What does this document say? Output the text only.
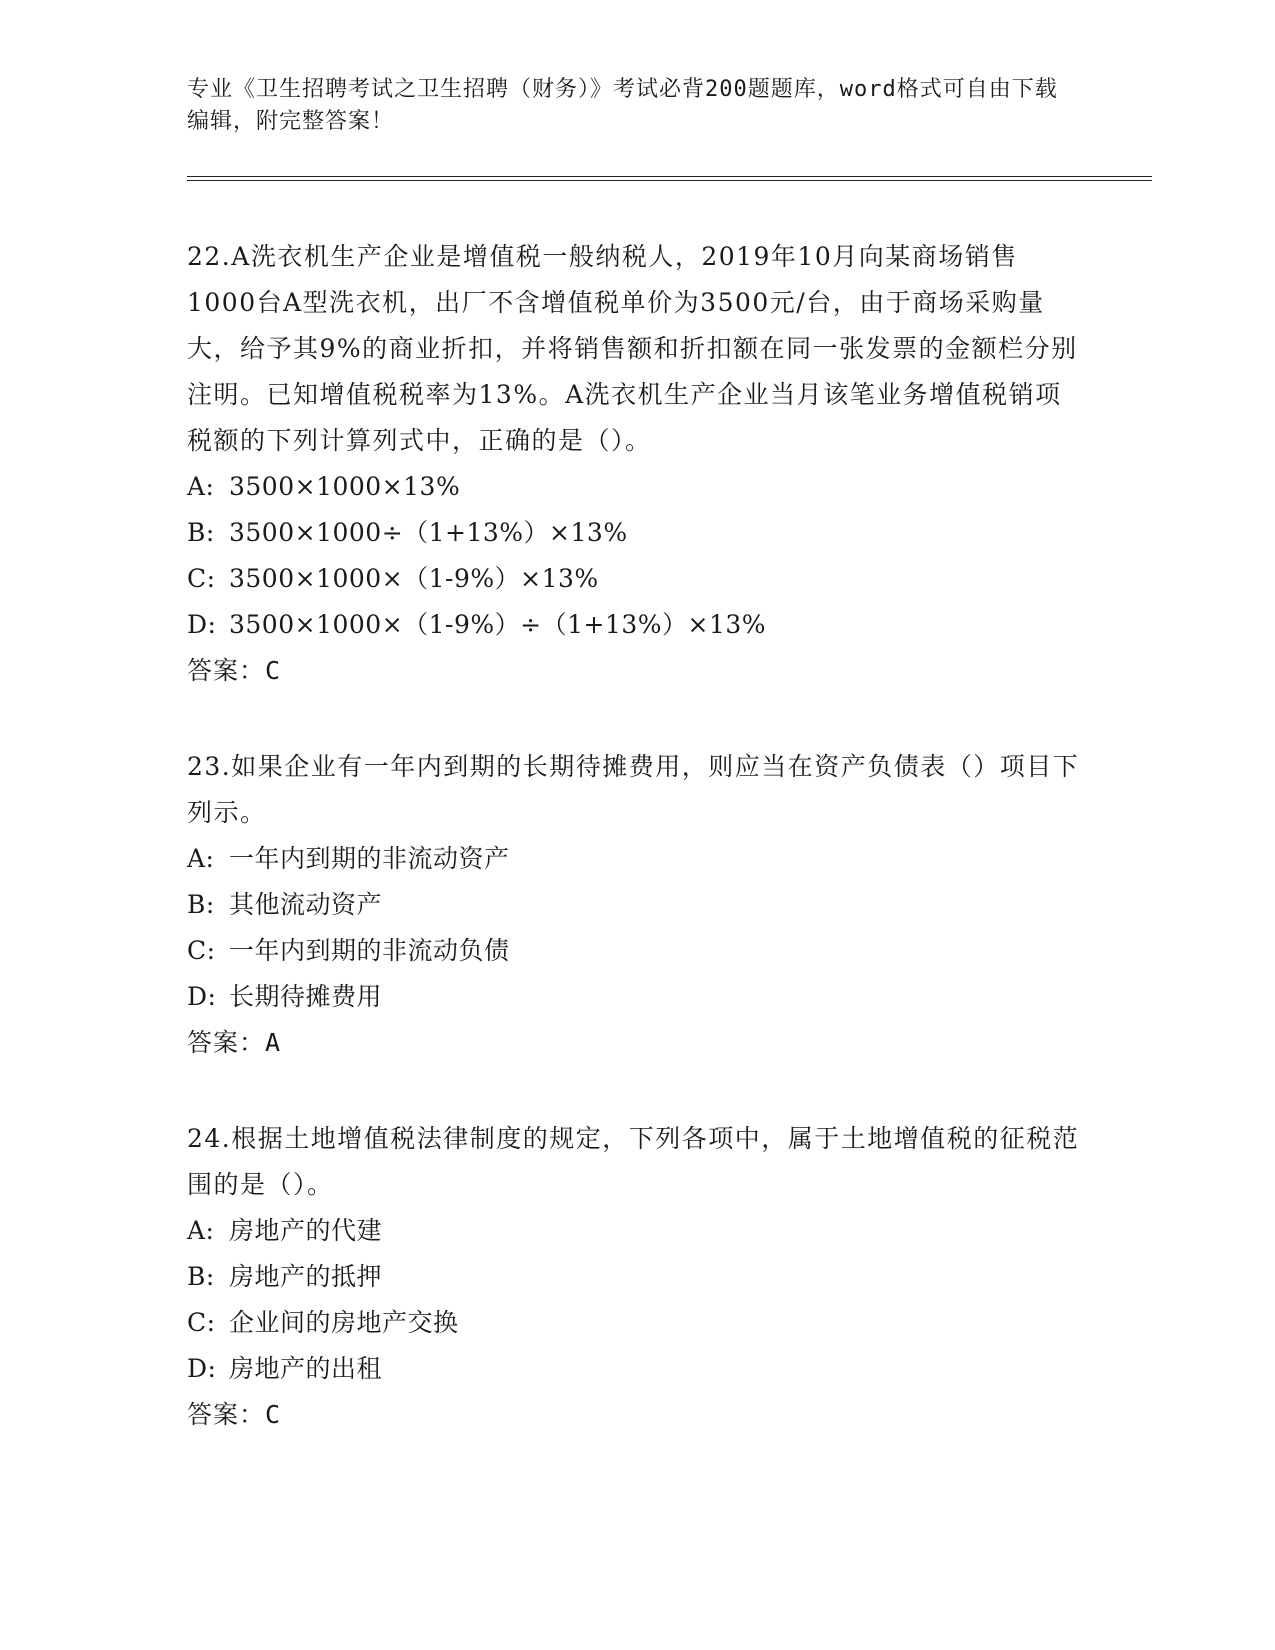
专业《卫生招聘考试之卫生招聘（财务）》考试必背200题题库，word格式可自由下载编辑，附完整答案！

22.A洗衣机生产企业是增值税一般纳税人，2019年10月向某商场销售1000台A型洗衣机，出厂不含增值税单价为3500元/台，由于商场采购量大，给予其9%的商业折扣，并将销售额和折扣额在同一张发票的金额栏分别注明。已知增值税税率为13%。A洗衣机生产企业当月该笔业务增值税销项税额的下列计算列式中，正确的是（）。

A: 3500×1000×13%

B: 3500×1000÷（1+13%）×13%

C: 3500×1000×（1-9%）×13%

D: 3500×1000×（1-9%）÷（1+13%）×13%

答案：C

23.如果企业有一年内到期的长期待摊费用，则应当在资产负债表（）项目下列示。

A: 一年内到期的非流动资产

B: 其他流动资产

C: 一年内到期的非流动负债

D: 长期待摊费用

答案：A

24.根据土地增值税法律制度的规定，下列各项中，属于土地增值税的征税范围的是（）。

A: 房地产的代建

B: 房地产的抵押

C: 企业间的房地产交换

D: 房地产的出租

答案：C
